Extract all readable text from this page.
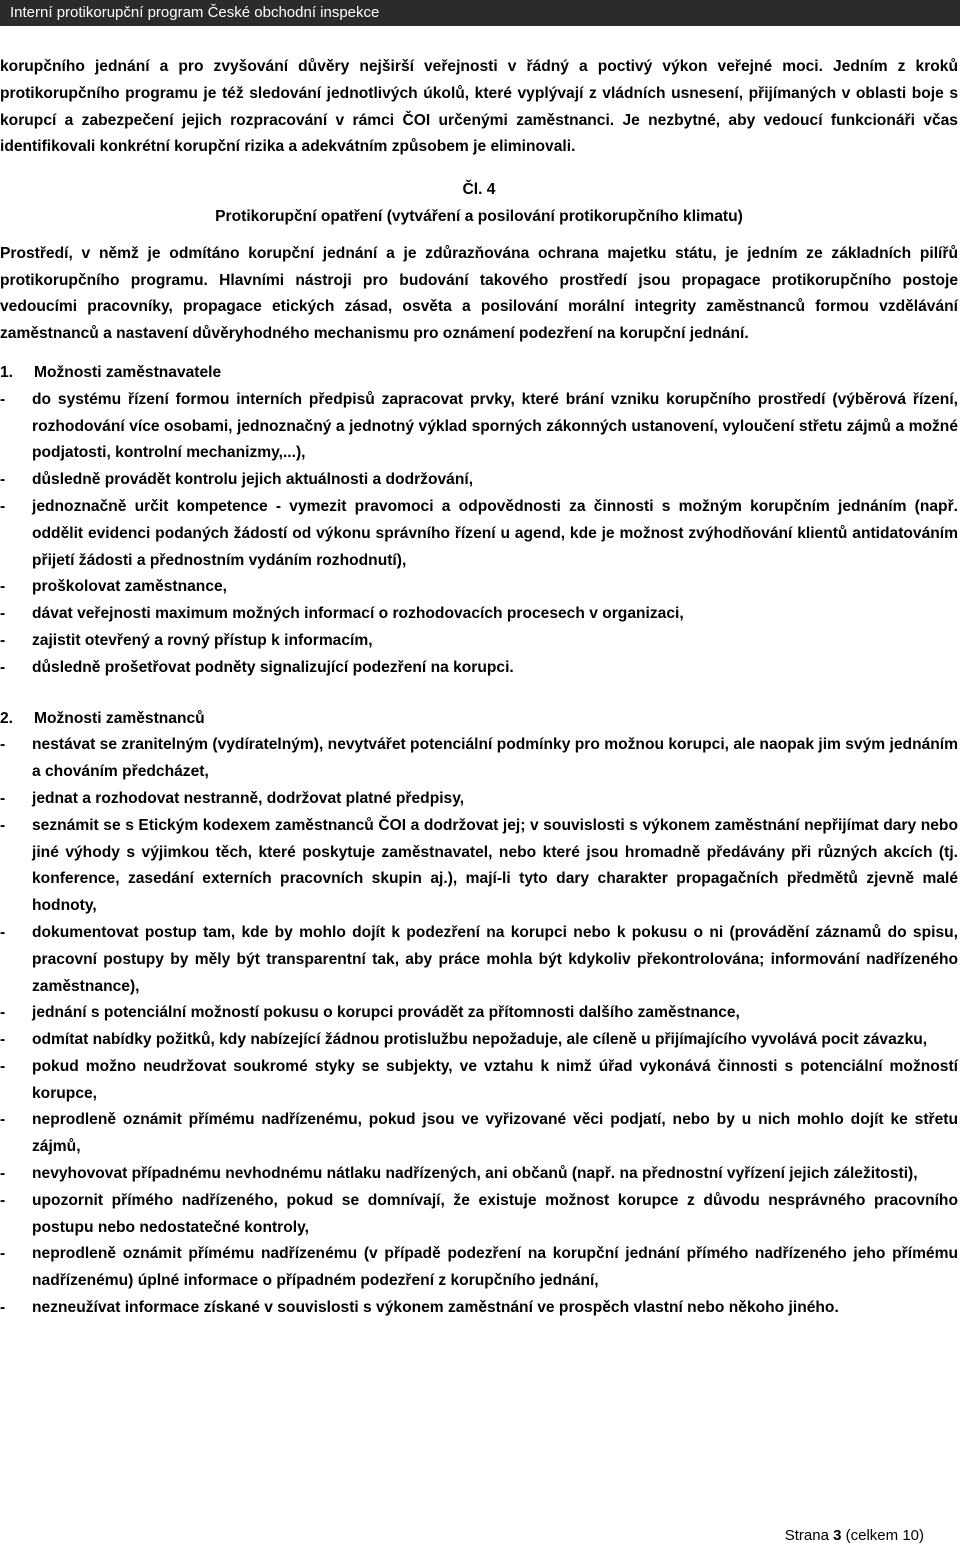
Interní protikorupční program České obchodní inspekce

korupčního jednání a pro zvyšování důvěry nejširší veřejnosti v řádný a poctivý výkon veřejné moci. Jedním z kroků protikorupčního programu je též sledování jednotlivých úkolů, které vyplývají z vládních usnesení, přijímaných v oblasti boje s korupcí a zabezpečení jejich rozpracování v rámci ČOI určenými zaměstnanci. Je nezbytné, aby vedoucí funkcionáři včas identifikovali konkrétní korupční rizika a adekvátním způsobem je eliminovali.

Čl. 4
Protikorupční opatření (vytváření a posilování protikorupčního klimatu)

Prostředí, v němž je odmítáno korupční jednání a je zdůrazňována ochrana majetku státu, je jedním ze základních pilířů protikorupčního programu. Hlavními nástroji pro budování takového prostředí jsou propagace protikorupčního postoje vedoucími pracovníky, propagace etických zásad, osvěta a posilování morální integrity zaměstnanců formou vzdělávání zaměstnanců a nastavení důvěryhodného mechanismu pro oznámení podezření na korupční jednání.

1. Možnosti zaměstnavatele
- do systému řízení formou interních předpisů zapracovat prvky, které brání vzniku korupčního prostředí (výběrová řízení, rozhodování více osobami, jednoznačný a jednotný výklad sporných zákonných ustanovení, vyloučení střetu zájmů a možné podjatosti, kontrolní mechanizmy,...),
- důsledně provádět kontrolu jejich aktuálnosti a dodržování,
- jednoznačně určit kompetence - vymezit pravomoci a odpovědnosti za činnosti s možným korupčním jednáním (např. oddělit evidenci podaných žádostí od výkonu správního řízení u agend, kde je možnost zvýhodňování klientů antidatováním přijetí žádosti a přednostním vydáním rozhodnutí),
- proškolovat zaměstnance,
- dávat veřejnosti maximum možných informací o rozhodovacích procesech v organizaci,
- zajistit otevřený a rovný přístup k informacím,
- důsledně prošetřovat podněty signalizující podezření na korupci.
2. Možnosti zaměstnanců
- nestávat se zranitelným (vydíratelným), nevytvářet potenciální podmínky pro možnou korupci, ale naopak jim svým jednáním a chováním předcházet,
- jednat a rozhodovat nestranně, dodržovat platné předpisy,
- seznámit se s Etickým kodexem zaměstnanců ČOI a dodržovat jej; v souvislosti s výkonem zaměstnání nepřijímat dary nebo jiné výhody s výjimkou těch, které poskytuje zaměstnavatel, nebo které jsou hromadně předávány při různých akcích (tj. konference, zasedání externích pracovních skupin aj.), mají-li tyto dary charakter propagačních předmětů zjevně malé hodnoty,
- dokumentovat postup tam, kde by mohlo dojít k podezření na korupci nebo k pokusu o ni (provádění záznamů do spisu, pracovní postupy by měly být transparentní tak, aby práce mohla být kdykoliv překontrolována; informování nadřízeného zaměstnance),
- jednání s potenciální možností pokusu o korupci provádět za přítomnosti dalšího zaměstnance,
- odmítat nabídky požitků, kdy nabízející žádnou protislužbu nepožaduje, ale cíleně u přijímajícího vyvolává pocit závazku,
- pokud možno neudržovat soukromé styky se subjekty, ve vztahu k nimž úřad vykonává činnosti s potenciální možností korupce,
- neprodleně oznámit přímému nadřízenému, pokud jsou ve vyřizované věci podjatí, nebo by u nich mohlo dojít ke střetu zájmů,
- nevyhovovat případnému nevhodnému nátlaku nadřízených, ani občanů (např. na přednostní vyřízení jejich záležitosti),
- upozornit přímého nadřízeného, pokud se domnívají, že existuje možnost korupce z důvodu nesprávného pracovního postupu nebo nedostatečné kontroly,
- neprodleně oznámit přímému nadřízenému (v případě podezření na korupční jednání přímého nadřízeného jeho přímému nadřízenému) úplné informace o případném podezření z korupčního jednání,
- nezneužívat informace získané v souvislosti s výkonem zaměstnání ve prospěch vlastní nebo někoho jiného.
Strana 3 (celkem 10)
